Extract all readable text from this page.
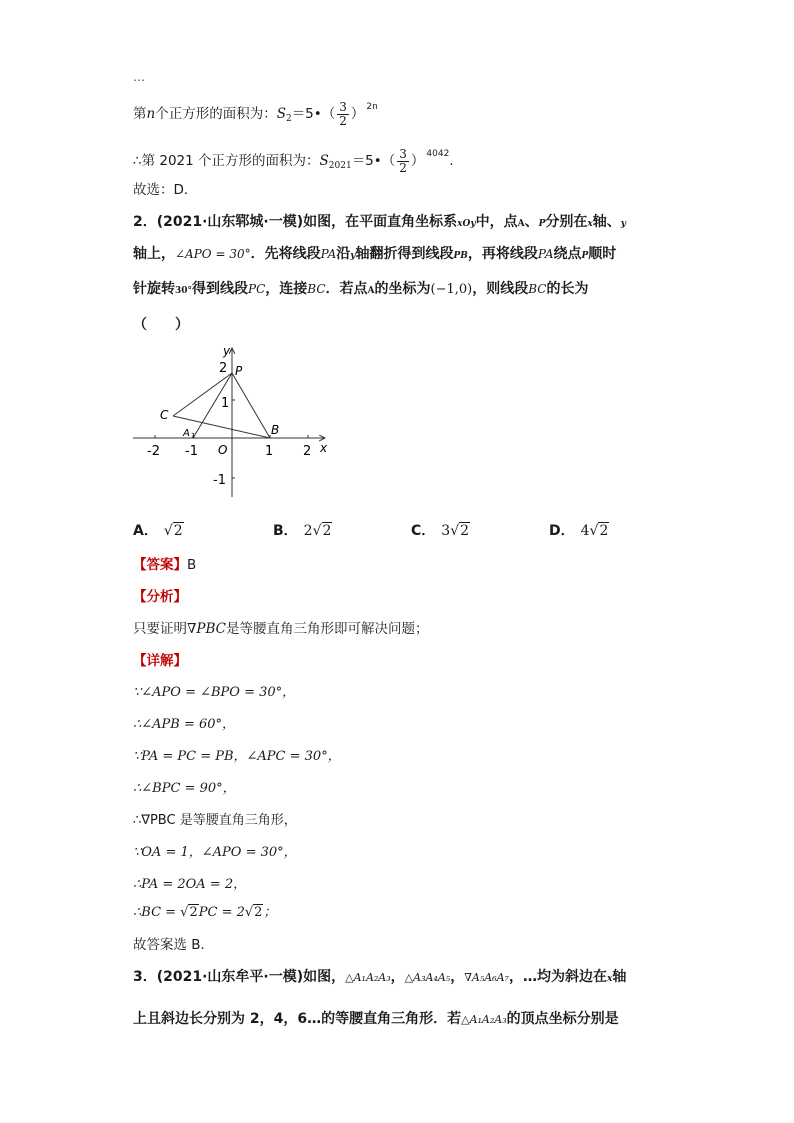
…
第n个正方形的面积为：$S_2=5•( \frac{3}{2}$ ） $^{2n}$
∴第 2021 个正方形的面积为：$S_{2021}=5•( \frac{3}{2}$ ） $^{4042}$.
故选：D．
2．(2021·山东郓城·一模)如图，在平面直角坐标系xOy中，点A、P分别在x轴、y
轴上，∠APO = 30°．先将线段PA沿y轴翻折得到线段PB，再将线段PA绕点P顺时
针旋转30°得到线段PC，连接BC．若点A的坐标为(−1,0)，则线段BC的长为
（　　）
-2 -1	1 2
2
1
-1
y
x
P
C
A 1	B
O
A． √2	B． 2√2	C． 3√2	D． 4√2
【答案】B
【分析】
只要证明∇PBC是等腰直角三角形即可解决问题；
【详解】
∵∠APO = ∠BPO = 30°，
∴∠APB = 60°，
∵PA = PC = PB，∠APC = 30°，
∴∠BPC = 90°，
∴∇PBC 是等腰直角三角形，
∵OA = 1，∠APO = 30°，
∴PA = 2OA = 2，
∴BC = √2PC = 2√2；
故答案选 B．
3．(2021·山东牟平·一模)如图，△A₁A₂A₃，△A₃A₄A₅，∇A₅A₆A₇，…均为斜边在x轴
上且斜边长分别为 2，4，6…的等腰直角三角形．若△A₁A₂A₃的顶点坐标分别是
